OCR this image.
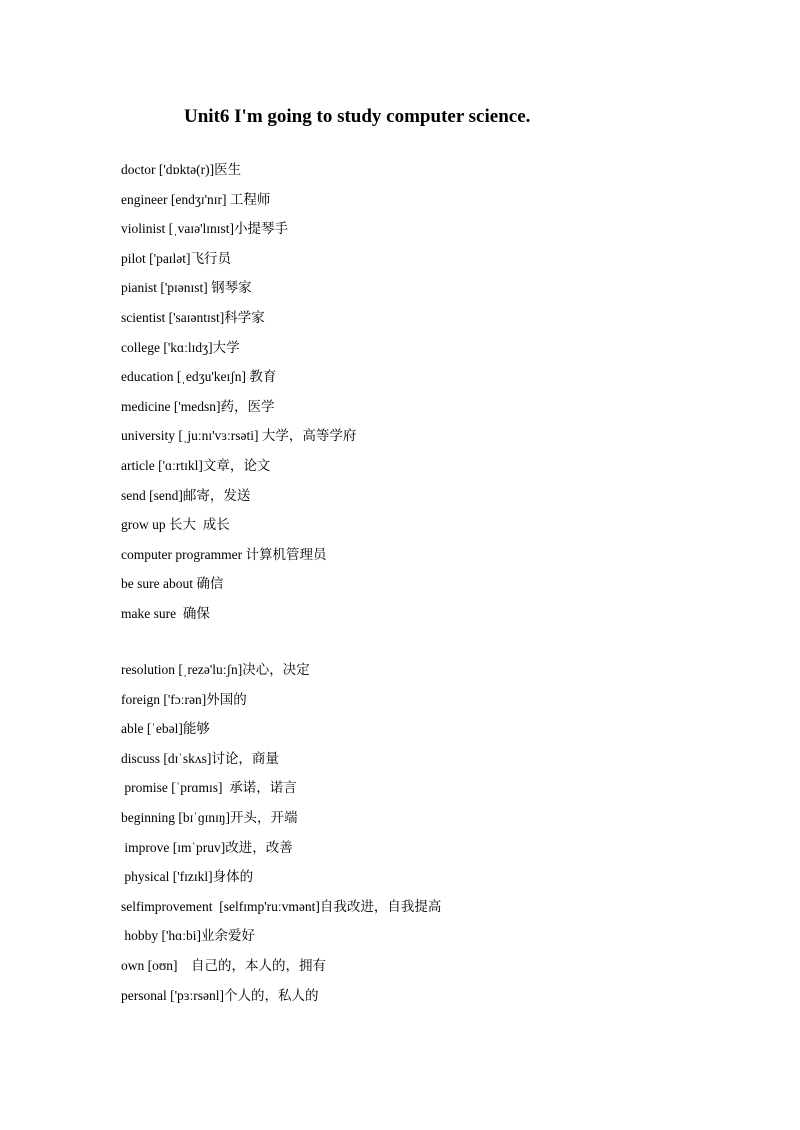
Unit6 I'm going to study computer science.
doctor ['dɒktə(r)]医生
engineer [endʒɪ'nɪr] 工程师
violinist [ˌvaɪə'lɪnɪst]小提琴手
pilot ['paɪlət]飞行员
pianist ['pɪənɪst] 钢琴家
scientist ['saɪəntɪst]科学家
college ['kɑːlɪdʒ]大学
education [ˌedʒu'keɪʃn] 教育
medicine ['medsn]药，医学
university [ˌjuːnɪ'vɜːrsəti] 大学，高等学府
article ['ɑːrtɪkl]文章，论文
send [send]邮寄，发送
grow up 长大  成长
computer programmer 计算机管理员
be sure about 确信
make sure  确保
resolution [ˌrezə'luːʃn]决心，决定
foreign ['fɔːrən]外国的
able [ˈebəl]能够
discuss [dɪˈskʌs]讨论，商量
promise [ˈprɑmɪs]  承诺，诺言
beginning [bɪˈɡɪnɪŋ]开头，开端
improve [ɪmˈpruv]改进，改善
physical ['fɪzɪkl]身体的
selfimprovement  [selfɪmp'ruːvmənt]自我改进，自我提高
hobby ['hɑːbi]业余爱好
own [oʊn]    自己的，本人的，拥有
personal ['pɜːrsənl]个人的，私人的
